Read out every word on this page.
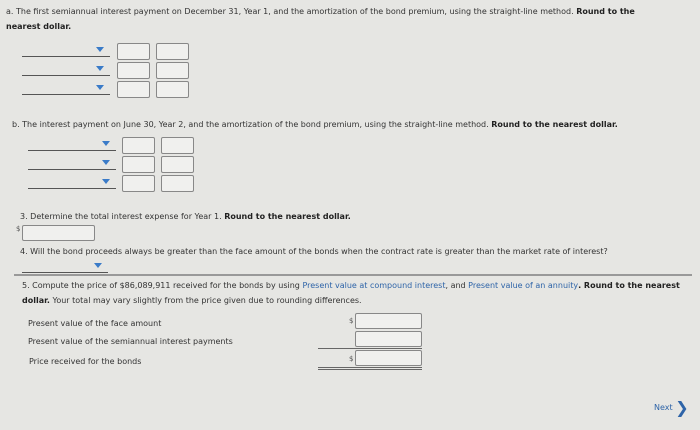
a. The first semiannual interest payment on December 31, Year 1, and the amortization of the bond premium, using the straight-line method. Round to the
nearest dollar.
b. The interest payment on June 30, Year 2, and the amortization of the bond premium, using the straight-line method. Round to the nearest dollar.
3. Determine the total interest expense for Year 1. Round to the nearest dollar.
$
4. Will the bond proceeds always be greater than the face amount of the bonds when the contract rate is greater than the market rate of interest?
5. Compute the price of $86,089,911 received for the bonds by using Present value at compound interest, and Present value of an annuity. Round to the nearest
dollar. Your total may vary slightly from the price given due to rounding differences.
Present value of the face amount	$
Present value of the semiannual interest payments
Price received for the bonds	$
Next ❯
